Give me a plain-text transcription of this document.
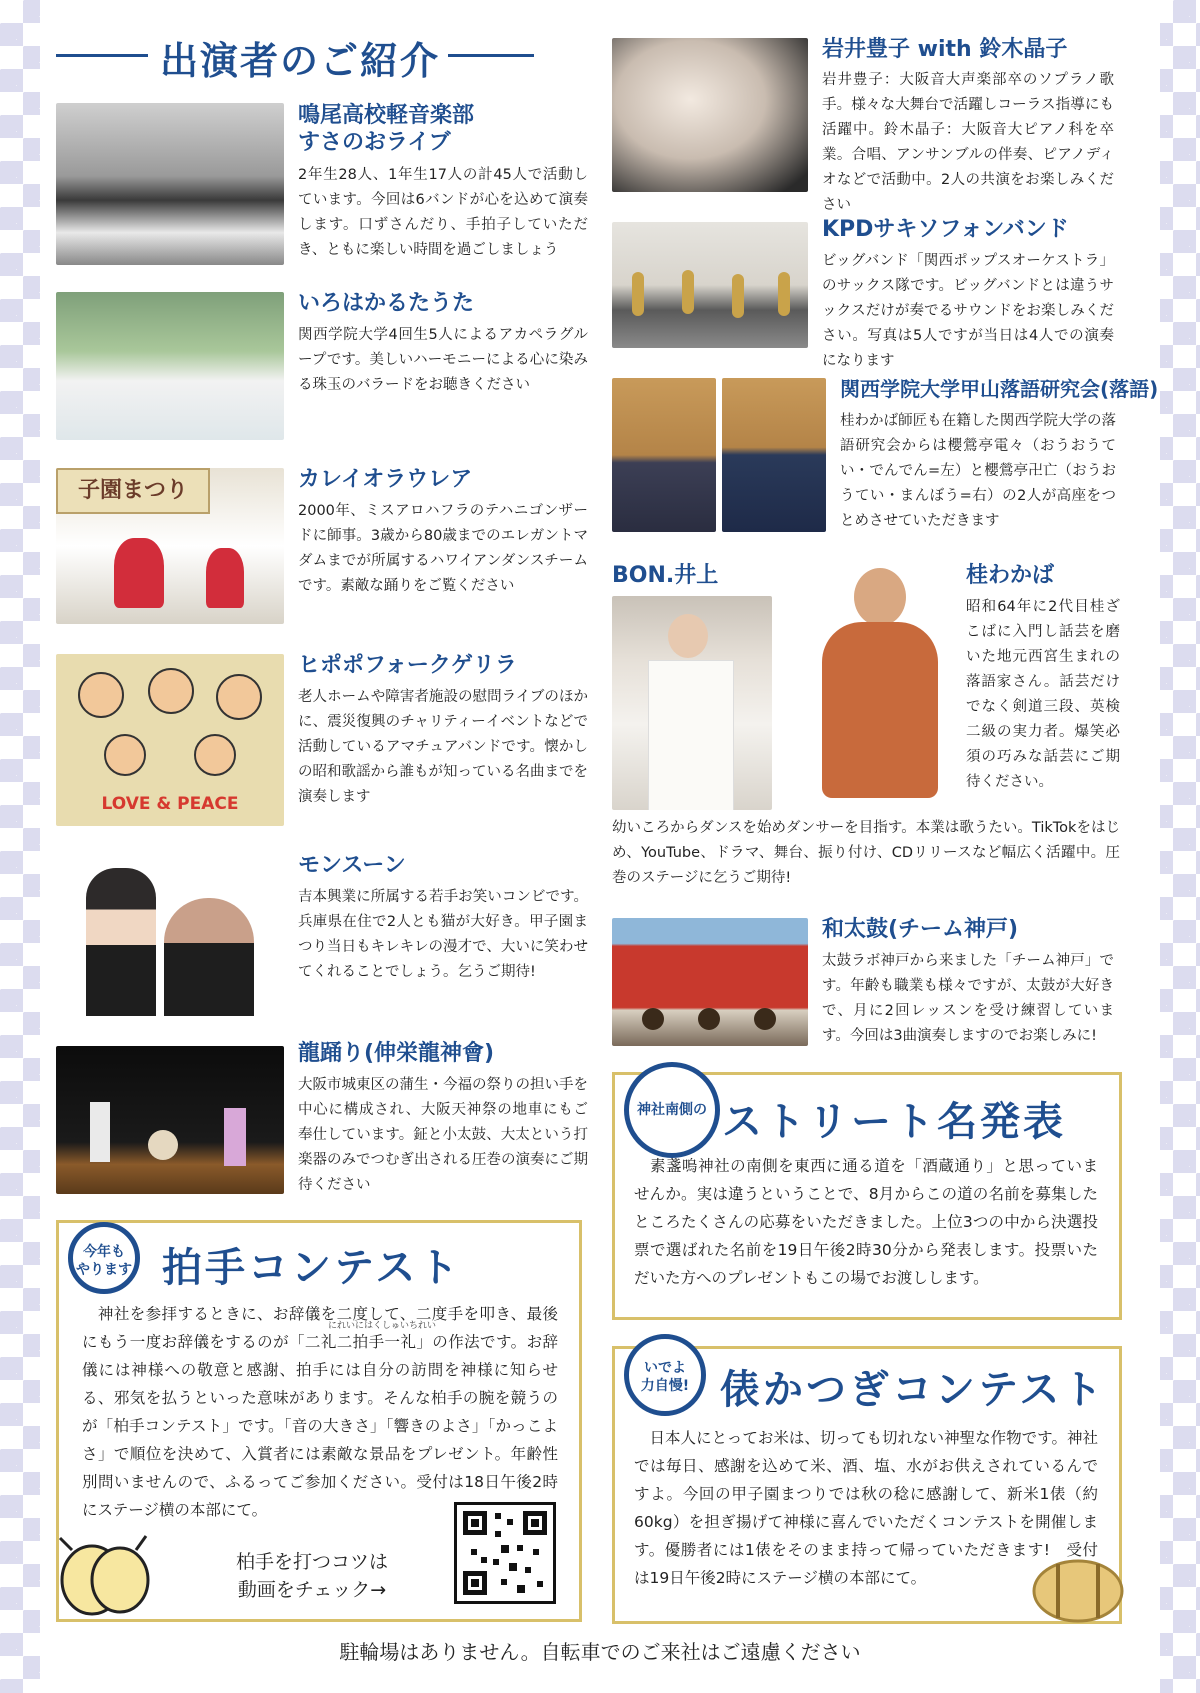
出演者のご紹介
鳴尾高校軽音楽部
すさのおライブ
2年生28人、1年生17人の計45人で活動しています。今回は6バンドが心を込めて演奏します。口ずさんだり、手拍子していただき、ともに楽しい時間を過ごしましょう
いろはかるたうた
関西学院大学4回生5人によるアカペラグループです。美しいハーモニーによる心に染みる珠玉のバラードをお聴きください
子園まつり	カレイオラウレア
2000年、ミスアロハフラのテハニゴンザードに師事。3歳から80歳までのエレガントマダムまでが所属するハワイアンダンスチームです。素敵な踊りをご覧ください
LOVE & PEACE
ヒポポフォークゲリラ
老人ホームや障害者施設の慰問ライブのほかに、震災復興のチャリティーイベントなどで活動しているアマチュアバンドです。懐かしの昭和歌謡から誰もが知っている名曲までを演奏します
モンスーン
吉本興業に所属する若手お笑いコンビです。兵庫県在住で2人とも猫が大好き。甲子園まつり当日もキレキレの漫才で、大いに笑わせてくれることでしょう。乞うご期待!
龍踊り(伸栄龍神會)
大阪市城東区の蒲生・今福の祭りの担い手を中心に構成され、大阪天神祭の地車にもご奉仕しています。鉦と小太鼓、大太という打楽器のみでつむぎ出される圧巻の演奏にご期待ください
今年も
やります 拍手コンテスト
にれいにはくしゅいちれい
　神社を参拝するときに、お辞儀を二度して、二度手を叩き、最後にもう一度お辞儀をするのが「二礼二拍手一礼」の作法です。お辞儀には神様への敬意と感謝、拍手には自分の訪問を神様に知らせる、邪気を払うといった意味があります。そんな柏手の腕を競うのが「柏手コンテスト」です。「音の大きさ」「響きのよさ」「かっこよさ」で順位を決めて、入賞者には素敵な景品をプレゼント。年齢性別問いませんので、ふるってご参加ください。受付は18日午後2時にステージ横の本部にて。
柏手を打つコツは
動画をチェック→
岩井豊子 with 鈴木晶子
岩井豊子：大阪音大声楽部卒のソプラノ歌手。様々な大舞台で活躍しコーラス指導にも活躍中。鈴木晶子：大阪音大ピアノ科を卒業。合唱、アンサンブルの伴奏、ピアノディオなどで活動中。2人の共演をお楽しみください
KPDサキソフォンバンド
ビッグバンド「関西ポップスオーケストラ」のサックス隊です。ビッグバンドとは違うサックスだけが奏でるサウンドをお楽しみください。写真は5人ですが当日は4人での演奏になります
関西学院大学甲山落語研究会(落語)
桂わかば師匠も在籍した関西学院大学の落語研究会からは櫻鶯亭電々（おうおうてい・でんでん=左）と櫻鶯亭卍亡（おうおうてい・まんぼう=右）の2人が高座をつとめさせていただきます
BON.井上
幼いころからダンスを始めダンサーを目指す。本業は歌うたい。TikTokをはじめ、YouTube、ドラマ、舞台、振り付け、CDリリースなど幅広く活躍中。圧巻のステージに乞うご期待!
桂わかば
昭和64年に2代目桂ざこばに入門し話芸を磨いた地元西宮生まれの落語家さん。話芸だけでなく剣道三段、英検二級の実力者。爆笑必須の巧みな話芸にご期待ください。
和太鼓(チーム神戸)
太鼓ラボ神戸から来ました「チーム神戸」です。年齢も職業も様々ですが、太鼓が大好きで、月に2回レッスンを受け練習しています。今回は3曲演奏しますのでお楽しみに!
神社南側の ストリート名発表
　素盞嗚神社の南側を東西に通る道を「酒蔵通り」と思っていませんか。実は違うということで、8月からこの道の名前を募集したところたくさんの応募をいただきました。上位3つの中から決選投票で選ばれた名前を19日午後2時30分から発表します。投票いただいた方へのプレゼントもこの場でお渡しします。
いでよ
力自慢! 俵かつぎコンテスト
　日本人にとってお米は、切っても切れない神聖な作物です。神社では毎日、感謝を込めて米、酒、塩、水がお供えされているんですよ。今回の甲子園まつりでは秋の稔に感謝して、新米1俵（約60kg）を担ぎ揚げて神様に喜んでいただくコンテストを開催します。優勝者には1俵をそのまま持って帰っていただきます!　受付は19日午後2時にステージ横の本部にて。
駐輪場はありません。自転車でのご来社はご遠慮ください
